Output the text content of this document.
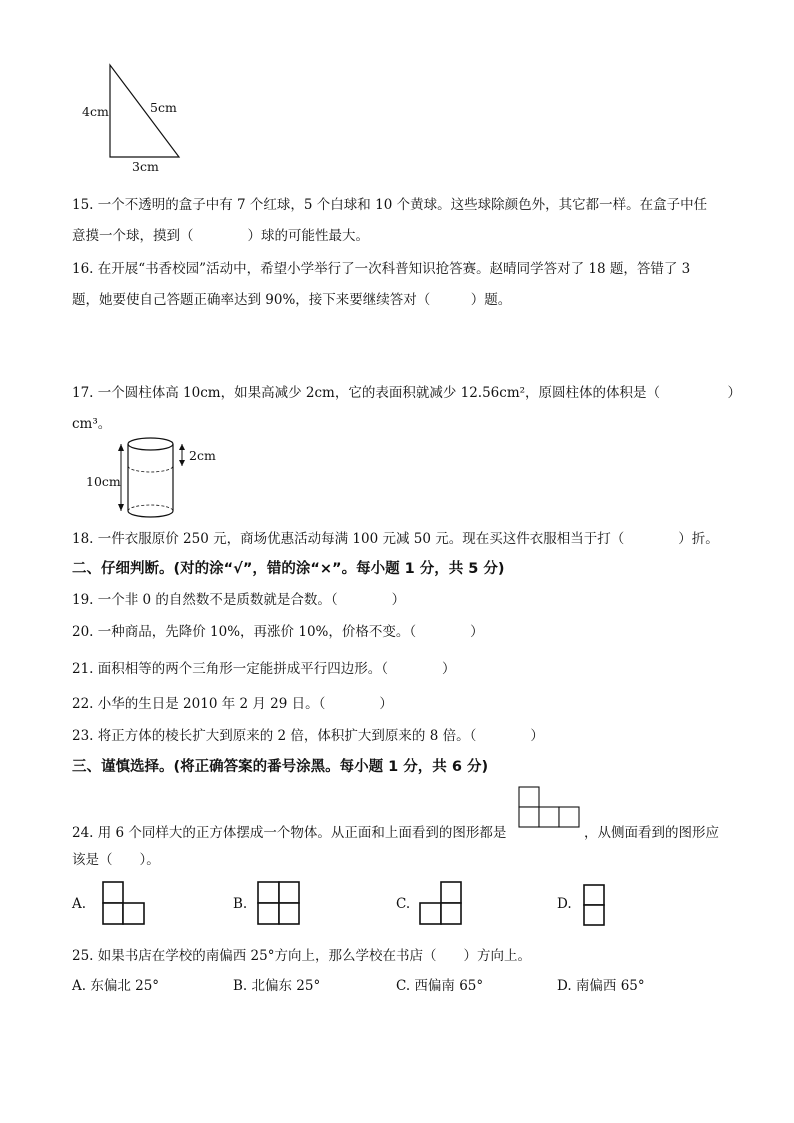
4cm	5cm
3cm
15. 一个不透明的盒子中有 7 个红球，5 个白球和 10 个黄球。这些球除颜色外，其它都一样。在盒子中任
意摸一个球，摸到（　　　　）球的可能性最大。
16. 在开展“书香校园”活动中，希望小学举行了一次科普知识抢答赛。赵晴同学答对了 18 题，答错了 3
题，她要使自己答题正确率达到 90%，接下来要继续答对（　　　）题。
17. 一个圆柱体高 10cm，如果高减少 2cm，它的表面积就减少 12.56cm²，原圆柱体的体积是（　　　　　）
cm³。
10cm
2cm
18. 一件衣服原价 250 元，商场优惠活动每满 100 元减 50 元。现在买这件衣服相当于打（　　　　）折。
二、仔细判断。(对的涂“√”，错的涂“×”。每小题 1 分，共 5 分)
19. 一个非 0 的自然数不是质数就是合数。（　　　　）
20. 一种商品，先降价 10%，再涨价 10%，价格不变。（　　　　）
21. 面积相等的两个三角形一定能拼成平行四边形。（　　　　）
22. 小华的生日是 2010 年 2 月 29 日。（　　　　）
23. 将正方体的棱长扩大到原来的 2 倍，体积扩大到原来的 8 倍。（　　　　）
三、谨慎选择。(将正确答案的番号涂黑。每小题 1 分，共 6 分)
24. 用 6 个同样大的正方体摆成一个物体。从正面和上面看到的图形都是	，从侧面看到的图形应
该是（　　）。
A.	B.	C.	D.
25. 如果书店在学校的南偏西 25°方向上，那么学校在书店（　　）方向上。
A. 东偏北 25°	B. 北偏东 25°	C. 西偏南 65°	D. 南偏西 65°
